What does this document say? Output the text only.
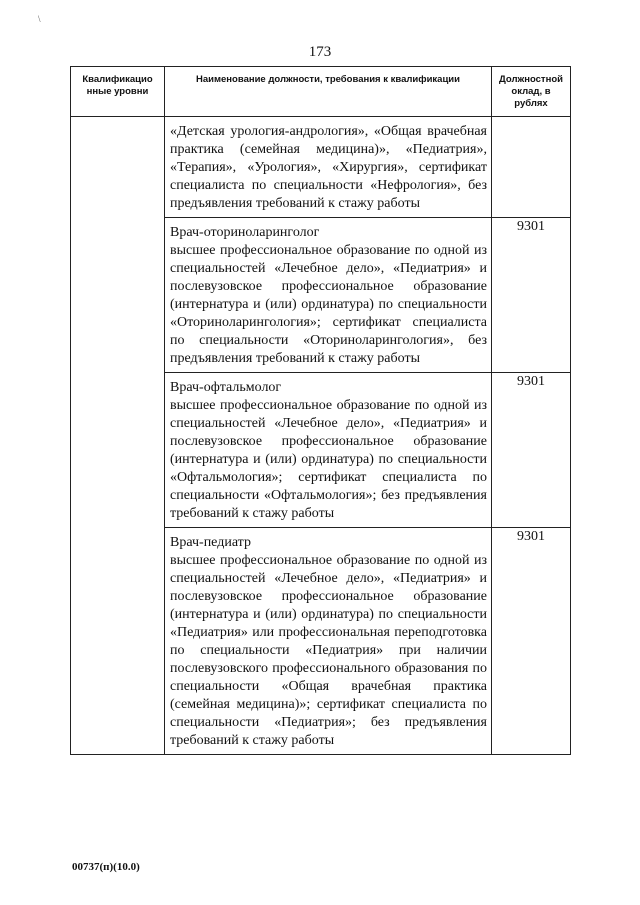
\
173
Квалификацио нные уровни	Наименование должности, требования к квалификации	Должностной оклад, в рублях
	«Детская урология-андрология», «Общая врачебная практика (семейная медицина)», «Педиатрия», «Терапия», «Урология», «Хирургия», сертификат специалиста по специальности «Нефрология», без предъявления требований к стажу работы	

	Врач-оториноларинголог
высшее профессиональное образование по одной из специальностей «Лечебное дело», «Педиатрия» и послевузовское профессиональное образование (интернатура и (или) ординатура) по специальности «Оториноларингология»; сертификат специалиста по специальности «Оториноларингология», без предъявления требований к стажу работы	9301

	Врач-офтальмолог
высшее профессиональное образование по одной из специальностей «Лечебное дело», «Педиатрия» и послевузовское профессиональное образование (интернатура и (или) ординатура) по специальности «Офтальмология»; сертификат специалиста по специальности «Офтальмология»; без предъявления требований к стажу работы	9301

	Врач-педиатр
высшее профессиональное образование по одной из специальностей «Лечебное дело», «Педиатрия» и послевузовское профессиональное образование (интернатура и (или) ординатура) по специальности «Педиатрия» или профессиональная переподготовка по специальности «Педиатрия» при наличии послевузовского профессионального образования по специальности «Общая врачебная практика (семейная медицина)»; сертификат специалиста по специальности «Педиатрия»; без предъявления требований к стажу работы	9301
00737(п)(10.0)
